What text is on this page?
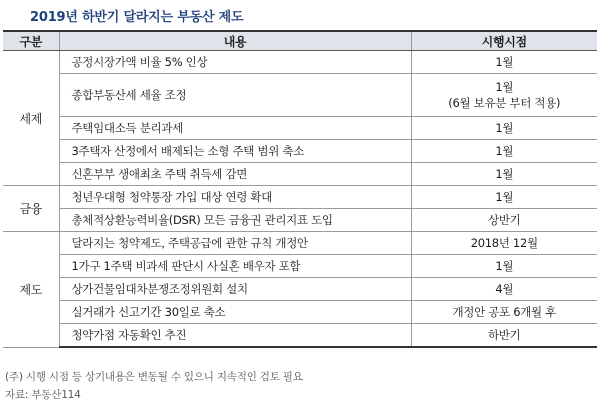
2019년 하반기 달라지는 부동산 제도
구분	내용	시행시점
세제	공정시장가액 비율 5% 인상	1월

	종합부동산세 세율 조정	1월
(6월 보유분 부터 적용)

	주택임대소득 분리과세	1월

	3주택자 산정에서 배제되는 소형 주택 범위 축소	1월

	신혼부부 생애최초 주택 취득세 감면	1월

금융	청년우대형 청약통장 가입 대상 연령 확대	1월

	총체적상환능력비율(DSR) 모든 금융권 관리지표 도입	상반기

제도	달라지는 청약제도, 주택공급에 관한 규칙 개정안	2018년 12월

	1가구 1주택 비과세 판단시 사실혼 배우자 포함	1월

	상가건물임대차분쟁조정위원회 설치	4월

	실거래가 신고기간 30일로 축소	개정안 공포 6개월 후

	청약가점 자동확인 추진	하반기
(주) 시행 시점 등 상기내용은 변동될 수 있으니 지속적인 검토 필요
자료: 부동산114
